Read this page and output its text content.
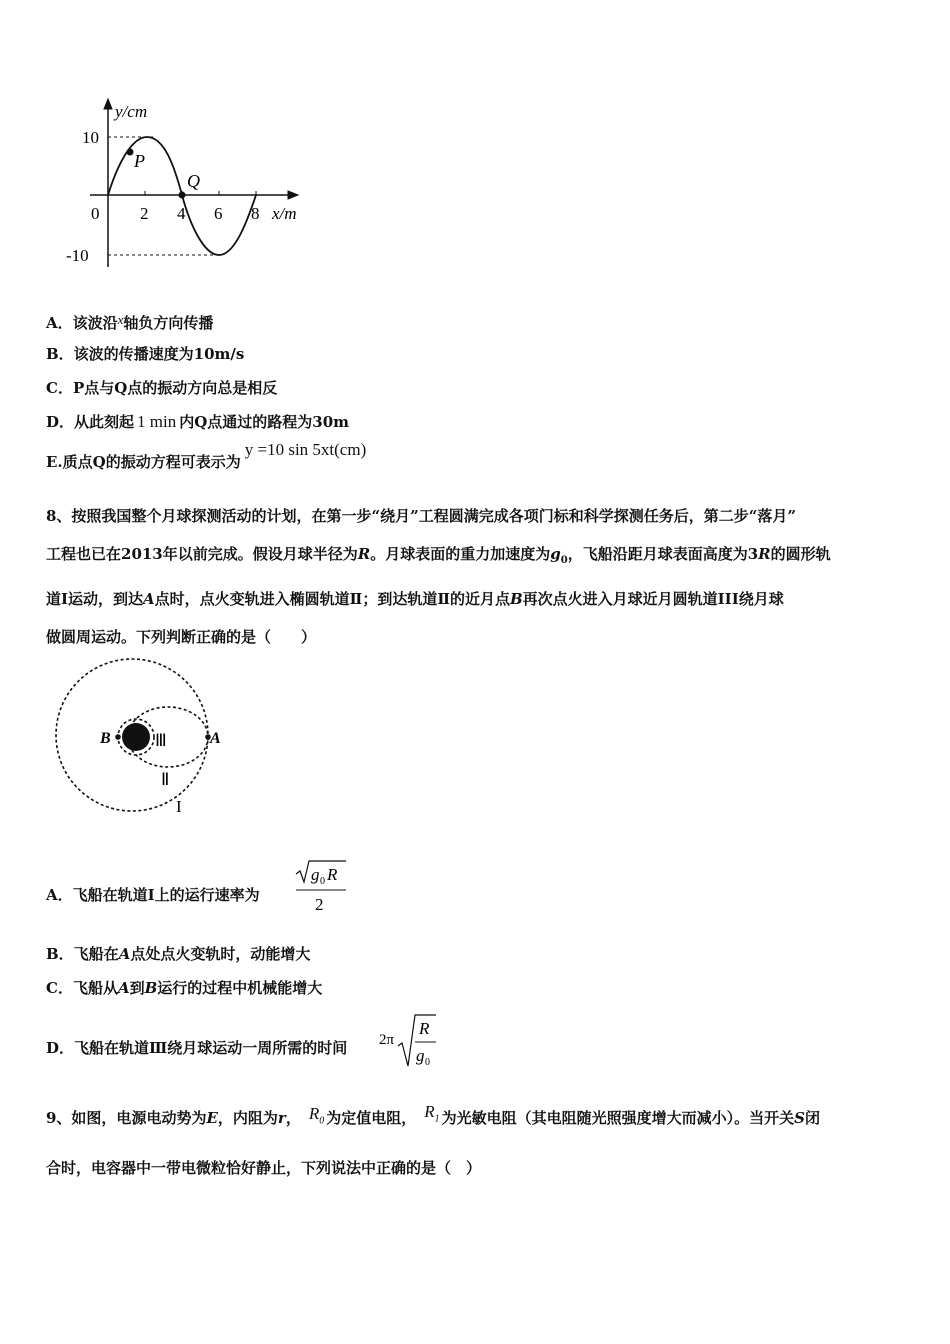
y/cm
10
-10
0 2 4 6 8 x/m
P
Q
A．该波沿x轴负方向传播
B．该波的传播速度为10m/s
C．P点与Q点的振动方向总是相反
D．从此刻起 1 min 内Q点通过的路程为30m
E.质点Q的振动方程可表示为y =10 sin 5xt(cm)
8、按照我国整个月球探测活动的计划，在第一步“绕月”工程圆满完成各项门标和科学探测任务后，第二步“落月”
工程也已在2013年以前完成。假设月球半径为R。月球表面的重力加速度为$g_0$，飞船沿距月球表面高度为3R的圆形轨
道I运动，到达A点时，点火变轨进入椭圆轨道Ⅱ；到达轨道Ⅱ的近月点B再次点火进入月球近月圆轨道III绕月球
做圆周运动。下列判断正确的是（　　）
B	A
Ⅲ
Ⅱ
I
A．飞船在轨道Ⅰ上的运行速率为
g 0 R
2
B．飞船在A点处点火变轨时，动能增大
C．飞船从A到B运行的过程中机械能增大
D．飞船在轨道Ⅲ绕月球运动一周所需的时间 2π
R
g 0
9、如图，电源电动势为E，内阻为r， $R_0$ 为定值电阻， $R_1$ 为光敏电阻（其电阻随光照强度增大而减小）。当开关S闭
合时，电容器中一带电微粒恰好静止，下列说法中正确的是（　）
